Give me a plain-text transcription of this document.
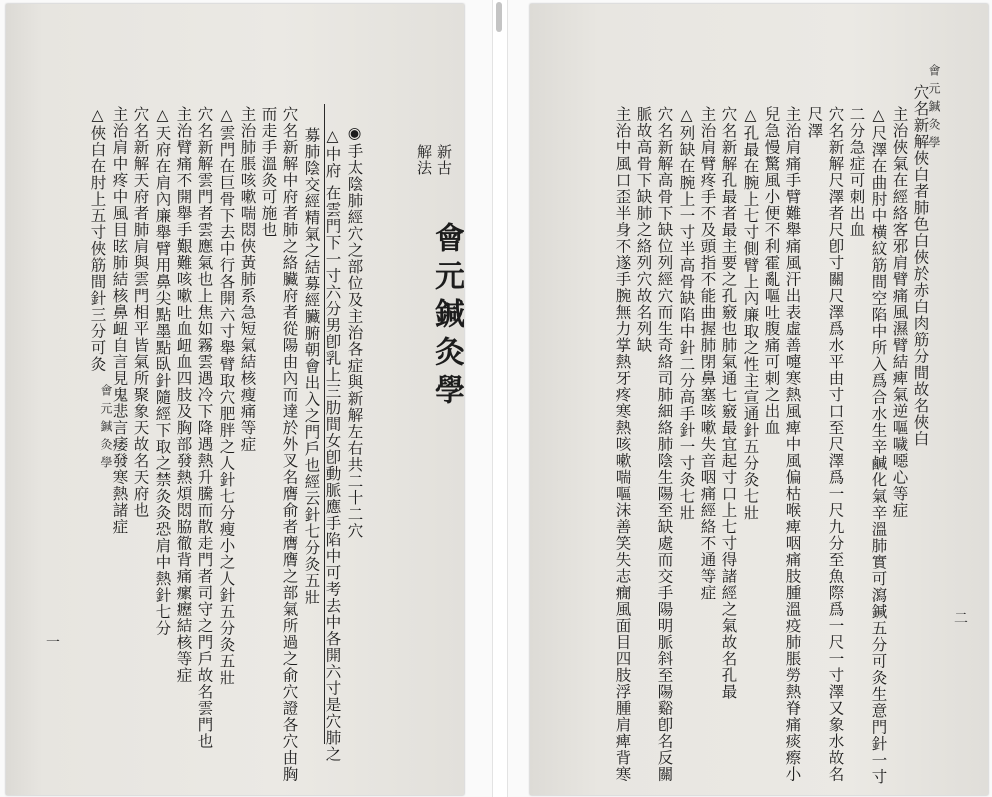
會元鍼灸學
一
新古
解法
會元鍼灸學
◉手太陰肺經穴之部位及主治各症與新解左右共二十二穴
△中府 在雲門下一寸六分男卽乳上三肋間女卽動脈應手陷中可考去中各開六寸是穴肺之
募肺陰交經精氣之結募經臟腑朝會出入之門戶也經云針七分灸五壯
穴名新解中府者肺之絡臟府者從陽由內而達於外叉名膺俞者膺膺之部氣所過之俞穴證各穴由胸
而走手溫灸可施也
主治肺脹咳嗽喘悶俠黃肺系急短氣結核瘦痛等症
△雲門在巨骨下去中行各開六寸舉臂取穴肥胖之人針七分瘦小之人針五分灸五壯
穴名新解雲門者雲應氣也上焦如霧雲遇冷下降遇熱升騰而散走門者司守之門戶故名雲門也
主治臂痛不開舉手艱難咳嗽吐血衄血四肢及胸部發熱煩悶脇徹背痛瘰癧結核等症
△天府在肩內廉舉臂用鼻尖點墨點臥針隨經下取之禁灸灸恐肩中熱針七分
穴名新解天府者肺肩與雲門相平皆氣所聚象天故名天府也
主治肩中疼中風目昡肺結核鼻衄自言見鬼悲言痿發寒熱諸症
△俠白在肘上五寸俠筋間針三分可灸	會元鍼灸學
二
穴名新解俠白者肺色白俠於赤白肉筋分間故名俠白
主治俠氣在經絡客邪肩臂痛風濕臂結痺氣逆嘔噦噁心等症
△尺澤在曲肘中橫紋筋間空陷中所入爲合水生辛鹹化氣辛溫肺實可瀉鍼五分可灸生意門針一寸
二分急症可刺出血
穴名新解尺澤者尺卽寸關尺澤爲水平由寸口至尺澤爲一尺九分至魚際爲一尺一寸澤又象水故名
尺澤
主治肩痛手臂難舉痛風汗出表虛善嚏寒熱風痺中風偏枯喉痺咽痛肢腫溫疫肺脹勞熱脊痛痰瘵小
兒急慢驚風小便不利霍亂嘔吐腹痛可刺之出血
△孔最在腕上七寸側臂上內廉取之性主宣通針五分灸七壯
穴名新解孔最者最主要之孔竅也肺氣通七竅最宜起寸口上七寸得諸經之氣故名孔最
主治肩臂疼手不及頭指不能曲握肺閉鼻塞咳嗽失音咽痛經絡不通等症
△列缺在腕上一寸半高骨缺陷中針二分高手針一寸灸七壯
穴名新解高骨下缺位列經穴而生奇絡司肺細絡肺陰生陽至缺處而交手陽明脈斜至陽谿卽名反關
脈故高骨下缺肺之絡列穴故名列缺
主治中風口歪半身不遂手腕無力掌熱牙疼寒熱咳嗽喘嘔沫善笑失志癇風面目四肢浮腫肩痺背寒
